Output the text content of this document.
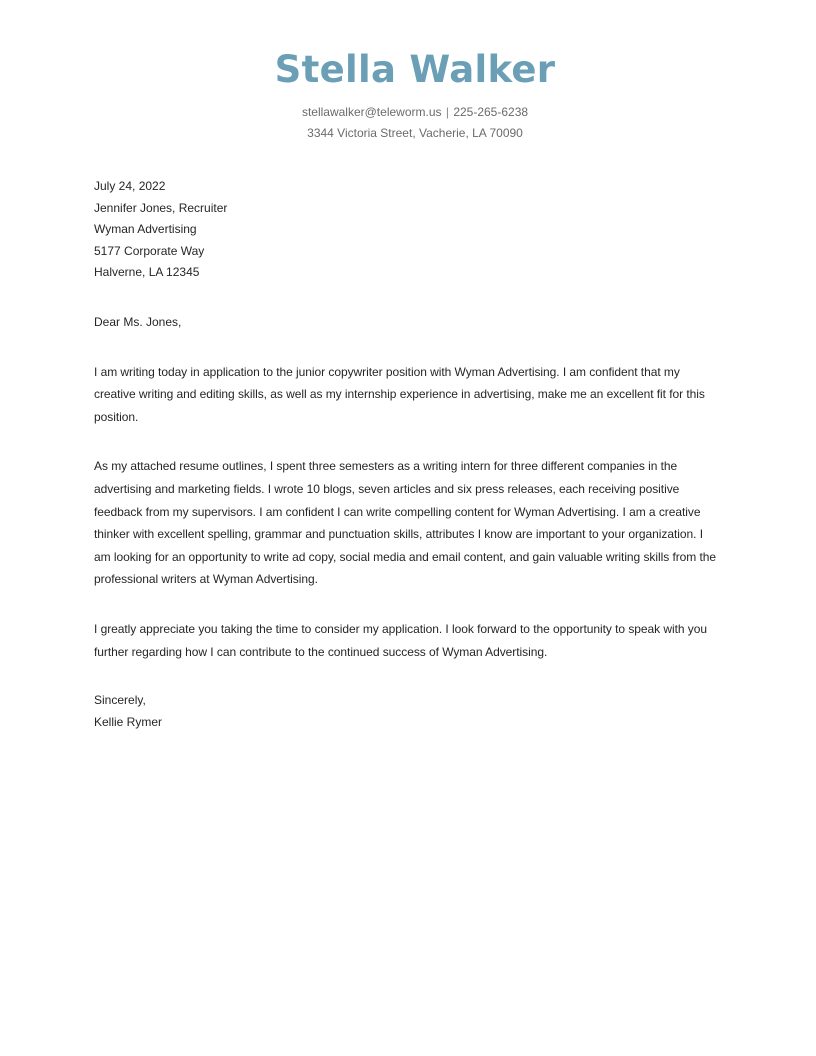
Stella Walker
stellawalker@teleworm.us | 225-265-6238
3344 Victoria Street, Vacherie, LA 70090
July 24, 2022
Jennifer Jones, Recruiter
Wyman Advertising
5177 Corporate Way
Halverne, LA 12345

Dear Ms. Jones,

I am writing today in application to the junior copywriter position with Wyman Advertising. I am confident that my creative writing and editing skills, as well as my internship experience in advertising, make me an excellent fit for this position.

As my attached resume outlines, I spent three semesters as a writing intern for three different companies in the advertising and marketing fields. I wrote 10 blogs, seven articles and six press releases, each receiving positive feedback from my supervisors. I am confident I can write compelling content for Wyman Advertising. I am a creative thinker with excellent spelling, grammar and punctuation skills, attributes I know are important to your organization. I am looking for an opportunity to write ad copy, social media and email content, and gain valuable writing skills from the professional writers at Wyman Advertising.

I greatly appreciate you taking the time to consider my application. I look forward to the opportunity to speak with you further regarding how I can contribute to the continued success of Wyman Advertising.

Sincerely,
Kellie Rymer
